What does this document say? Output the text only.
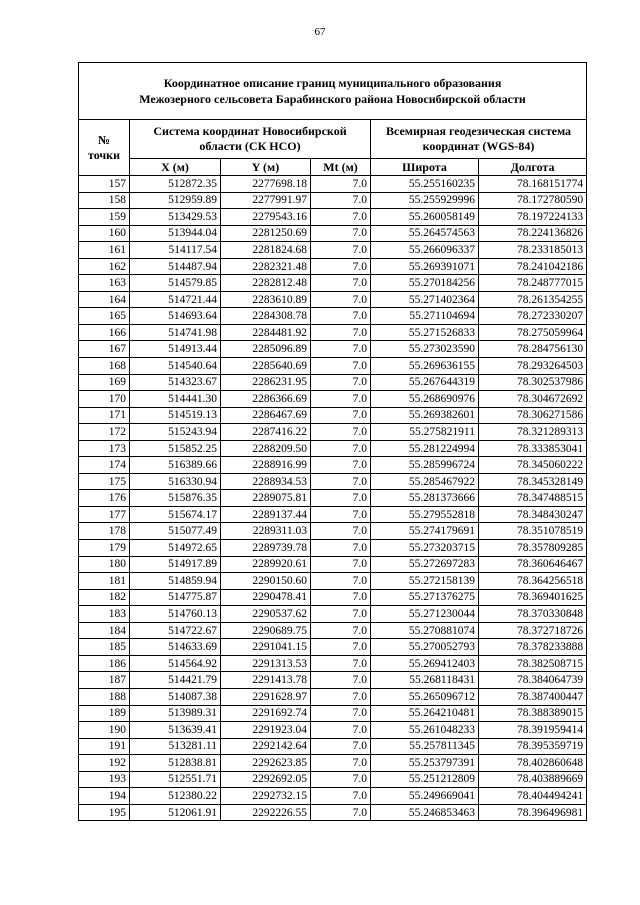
67
Координатное описание границ муниципального образования
Межозерного сельсовета Барабинского района Новосибирской области					

№ точки	Система координат Новосибирской области (СК НСО)			Всемирная геодезическая система координат (WGS-84)	
	X (м)	Y (м)	Mt (м)	Широта	Долгота
157	512872.35	2277698.18	7.0	55.255160235	78.168151774
158	512959.89	2277991.97	7.0	55.255929996	78.172780590
159	513429.53	2279543.16	7.0	55.260058149	78.197224133
160	513944.04	2281250.69	7.0	55.264574563	78.224136826
161	514117.54	2281824.68	7.0	55.266096337	78.233185013
162	514487.94	2282321.48	7.0	55.269391071	78.241042186
163	514579.85	2282812.48	7.0	55.270184256	78.248777015
164	514721.44	2283610.89	7.0	55.271402364	78.261354255
165	514693.64	2284308.78	7.0	55.271104694	78.272330207
166	514741.98	2284481.92	7.0	55.271526833	78.275059964
167	514913.44	2285096.89	7.0	55.273023590	78.284756130
168	514540.64	2285640.69	7.0	55.269636155	78.293264503
169	514323.67	2286231.95	7.0	55.267644319	78.302537986
170	514441.30	2286366.69	7.0	55.268690976	78.304672692
171	514519.13	2286467.69	7.0	55.269382601	78.306271586
172	515243.94	2287416.22	7.0	55.275821911	78.321289313
173	515852.25	2288209.50	7.0	55.281224994	78.333853041
174	516389.66	2288916.99	7.0	55.285996724	78.345060222
175	516330.94	2288934.53	7.0	55.285467922	78.345328149
176	515876.35	2289075.81	7.0	55.281373666	78.347488515
177	515674.17	2289137.44	7.0	55.279552818	78.348430247
178	515077.49	2289311.03	7.0	55.274179691	78.351078519
179	514972.65	2289739.78	7.0	55.273203715	78.357809285
180	514917.89	2289920.61	7.0	55.272697283	78.360646467
181	514859.94	2290150.60	7.0	55.272158139	78.364256518
182	514775.87	2290478.41	7.0	55.271376275	78.369401625
183	514760.13	2290537.62	7.0	55.271230044	78.370330848
184	514722.67	2290689.75	7.0	55.270881074	78.372718726
185	514633.69	2291041.15	7.0	55.270052793	78.378233888
186	514564.92	2291313.53	7.0	55.269412403	78.382508715
187	514421.79	2291413.78	7.0	55.268118431	78.384064739
188	514087.38	2291628.97	7.0	55.265096712	78.387400447
189	513989.31	2291692.74	7.0	55.264210481	78.388389015
190	513639.41	2291923.04	7.0	55.261048233	78.391959414
191	513281.11	2292142.64	7.0	55.257811345	78.395359719
192	512838.81	2292623.85	7.0	55.253797391	78.402860648
193	512551.71	2292692.05	7.0	55.251212809	78.403889669
194	512380.22	2292732.15	7.0	55.249669041	78.404494241
195	512061.91	2292226.55	7.0	55.246853463	78.396496981
